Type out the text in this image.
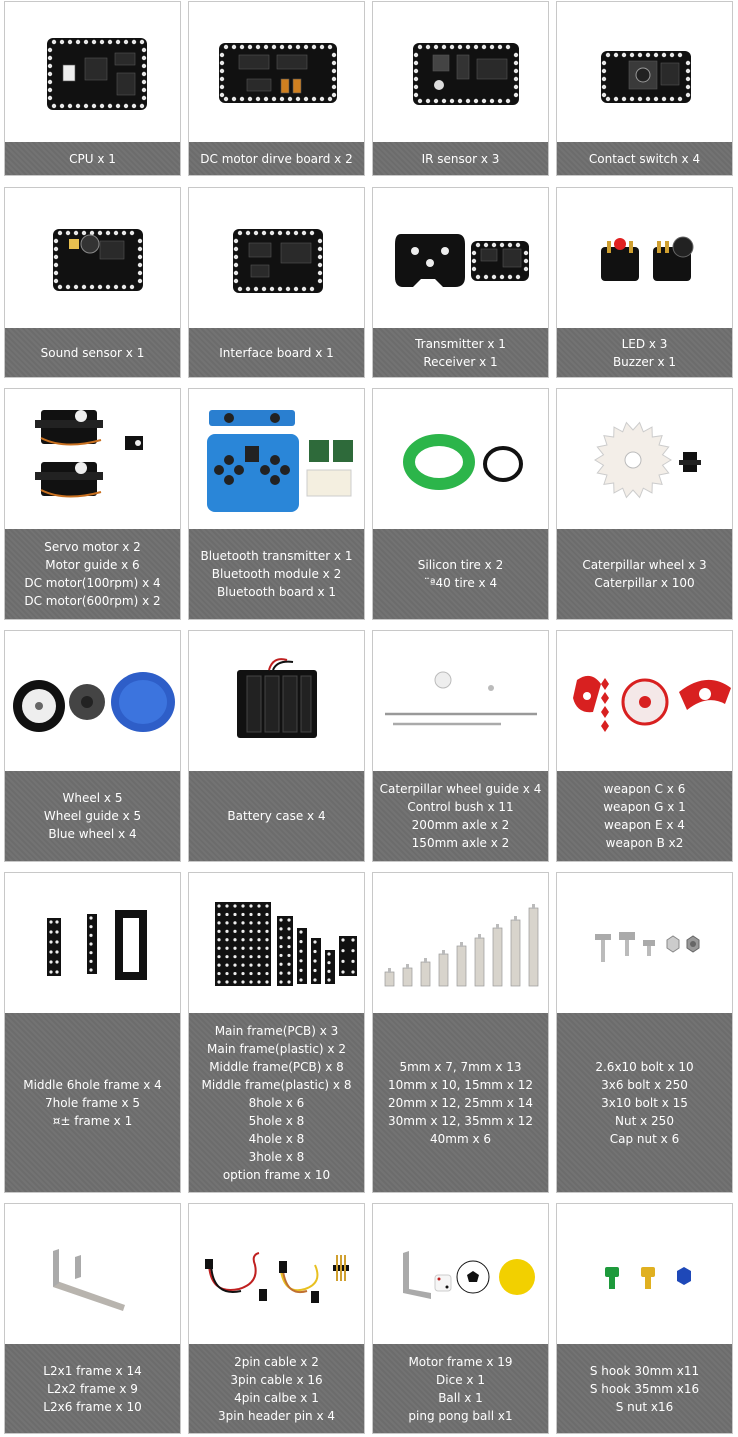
CPU x 1	DC motor dirve board x 2	IR sensor x 3	Contact switch x 4
Sound sensor x 1	Interface board x 1
Transmitter x 1
Receiver x 1
LED x 3
Buzzer x 1
Servo motor x 2
Motor guide x 6
DC motor(100rpm) x 4
DC motor(600rpm) x 2
Bluetooth transmitter x 1
Bluetooth module x 2
Bluetooth board x 1
Silicon tire x 2
¨ª40 tire x 4
Caterpillar wheel x 3
Caterpillar x 100
Wheel x 5
Wheel guide x 5
Blue wheel x 4
Battery case x 4
Caterpillar wheel guide x 4
Control bush x 11
200mm axle x 2
150mm axle x 2
weapon C x 6
weapon G x 1
weapon E x 4
weapon B x2
Middle 6hole frame x 4
7hole frame x 5
¤± frame x 1
Main frame(PCB) x 3
Main frame(plastic) x 2
Middle frame(PCB) x 8
Middle frame(plastic) x 8
8hole x 6
5hole x 8
4hole x 8
3hole x 8
option frame x 10
5mm x 7, 7mm x 13
10mm x 10, 15mm x 12
20mm x 12, 25mm x 14
30mm x 12, 35mm x 12
40mm x 6
2.6x10 bolt x 10
3x6 bolt x 250
3x10 bolt x 15
Nut x 250
Cap nut x 6
L2x1 frame x 14
L2x2 frame x 9
L2x6 frame x 10
2pin cable x 2
3pin cable x 16
4pin calbe x 1
3pin header pin x 4
Motor frame x 19
Dice x 1
Ball x 1
ping pong ball x1
S hook 30mm x11
S hook 35mm x16
S nut x16
